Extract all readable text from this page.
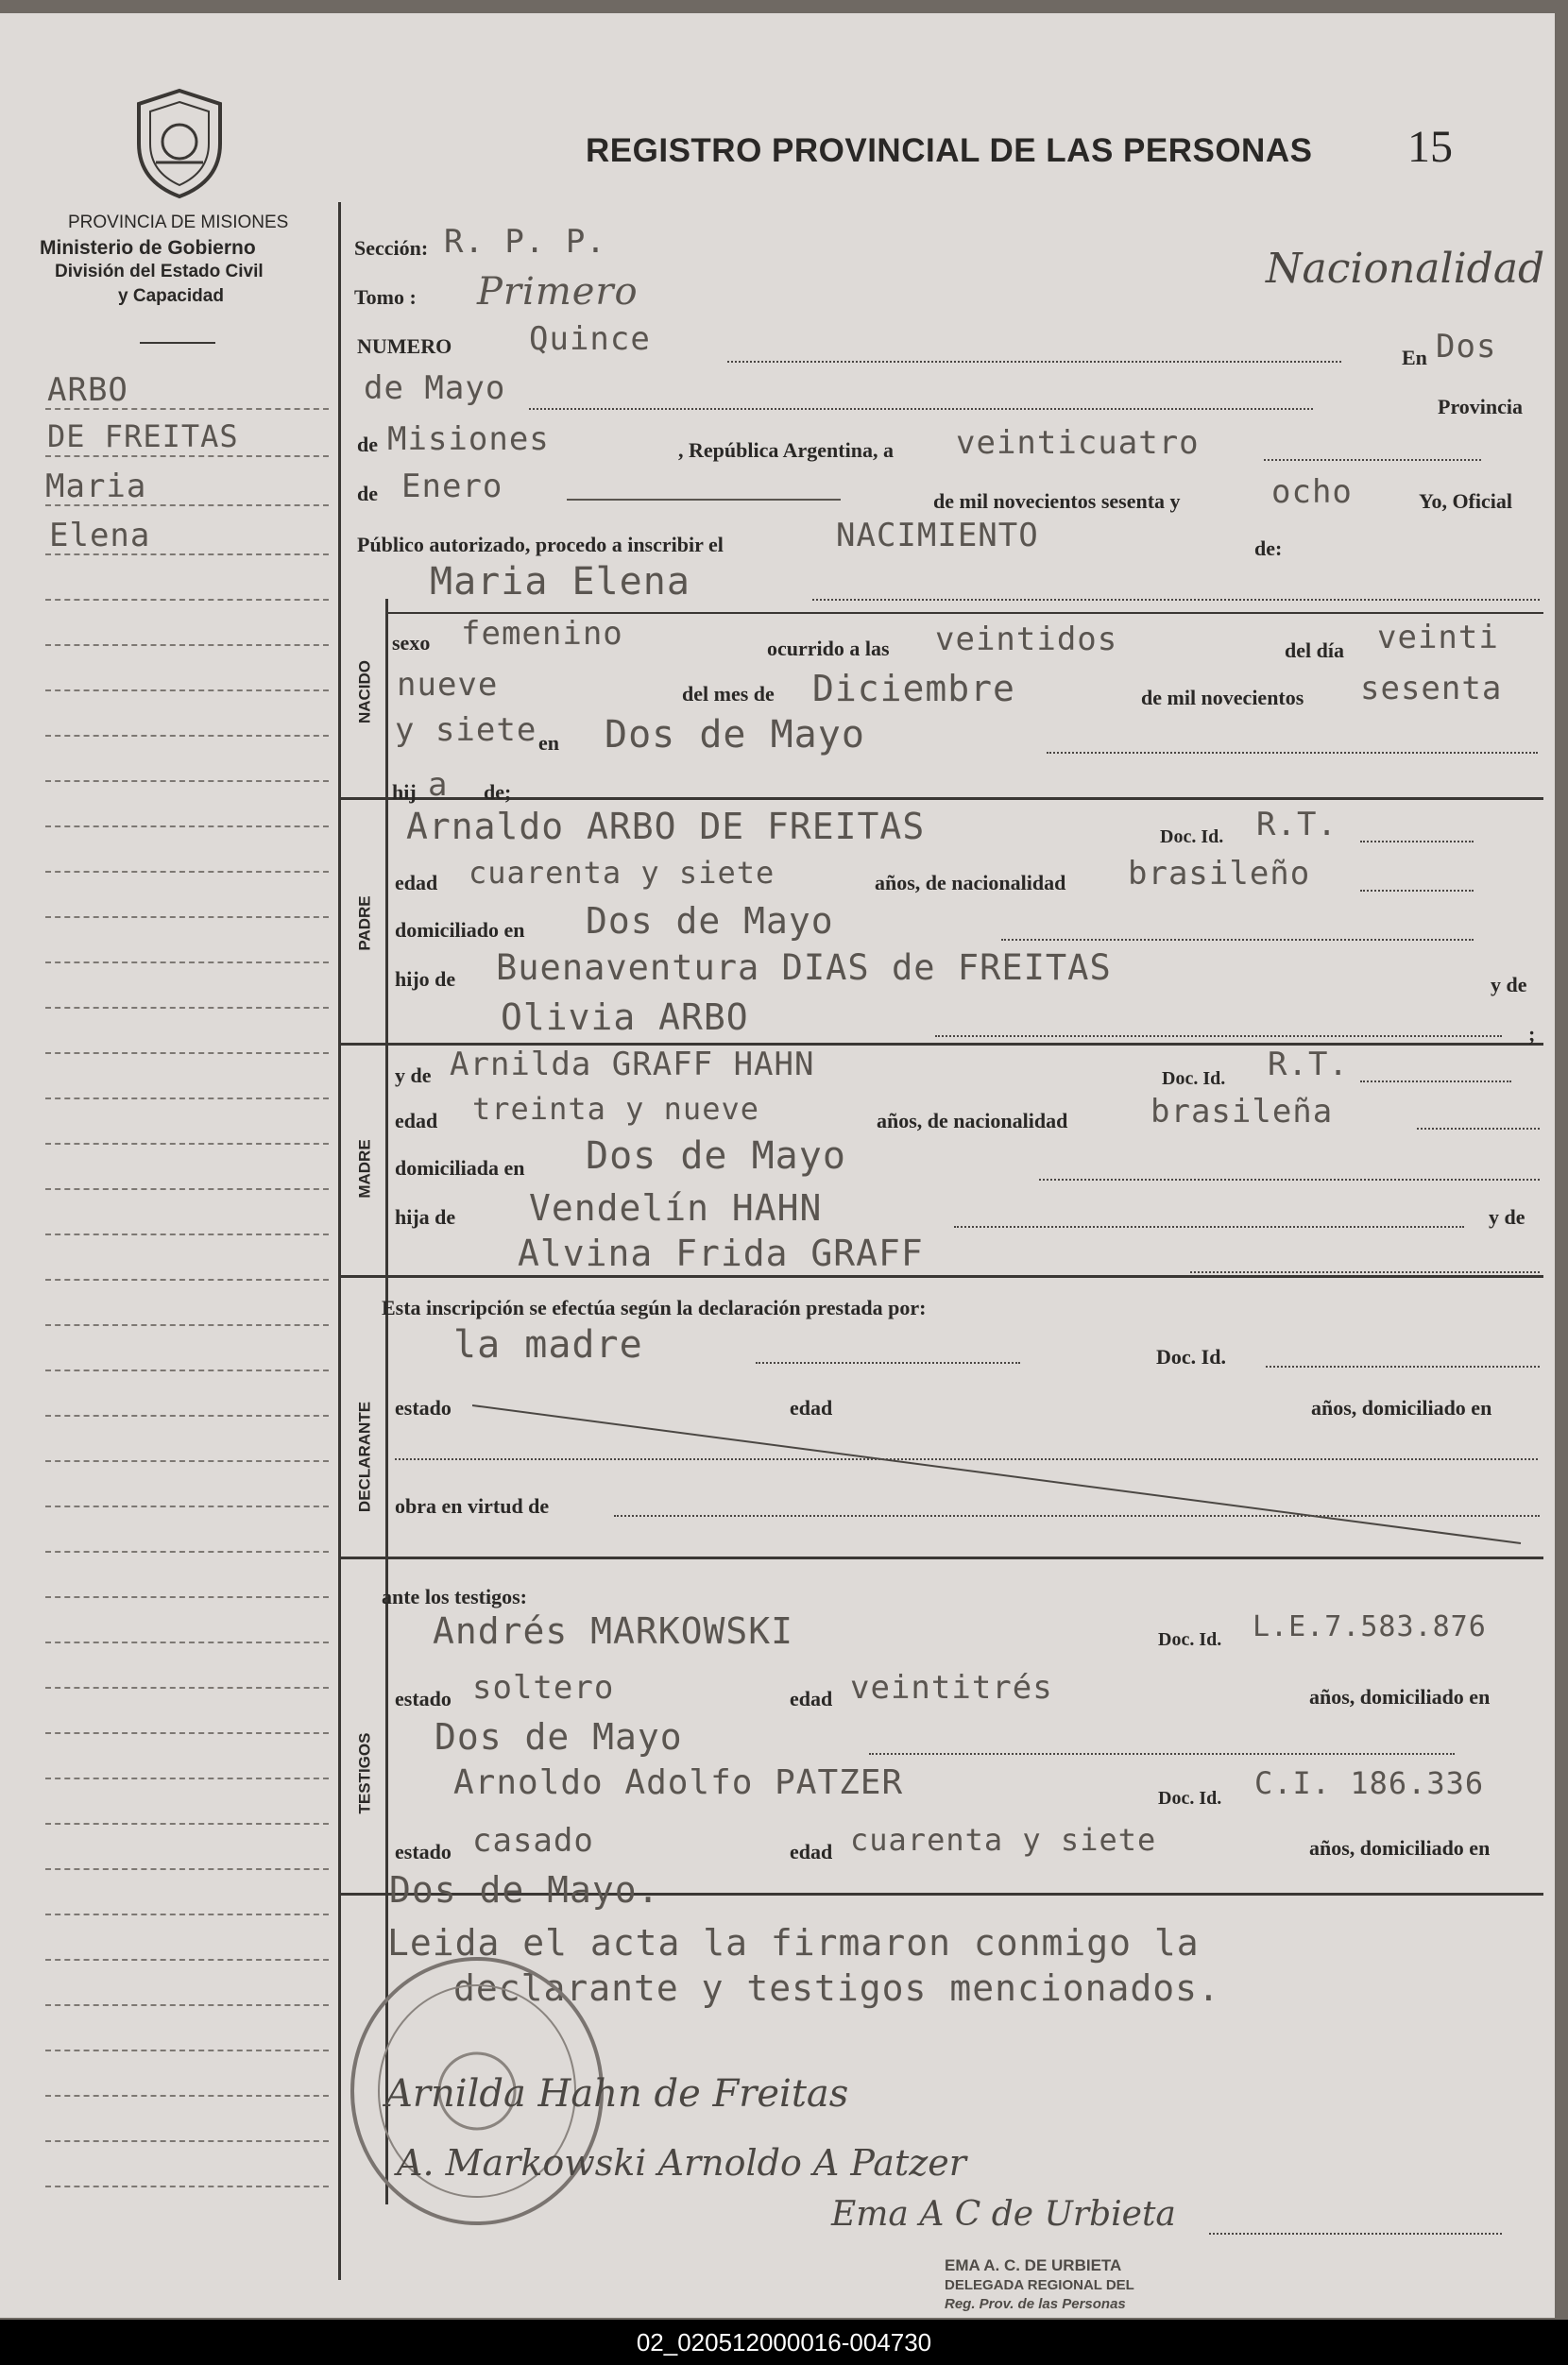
PROVINCIA DE MISIONES
Ministerio de Gobierno
División del Estado Civil
y Capacidad
REGISTRO PROVINCIAL DE LAS PERSONAS 15
Nacionalidad
ARBO
DE FREITAS
Maria
Elena
NACIDO
PADRE
MADRE
DECLARANTE
TESTIGOS
Sección: R. P. P.
Tomo : Primero
NUMERO Quince	En Dos
de Mayo	Provincia
de Misiones	, República Argentina, a veinticuatro
de Enero	de mil novecientos sesenta y	ocho	Yo, Oficial
Público autorizado, procedo a inscribir el	NACIMIENTO	de:
Maria Elena
sexo femenino	ocurrido a las veintidos	del día veinti
nueve	del mes de Diciembre	de mil novecientos sesenta
y siete en Dos de Mayo
hij a de;
Arnaldo ARBO DE FREITAS	Doc. Id. R.T.
edad cuarenta y siete	años, de nacionalidad brasileño
domiciliado en Dos de Mayo
hijo de Buenaventura DIAS de FREITAS	y de
Olivia ARBO	;
y de Arnilda GRAFF HAHN	Doc. Id. R.T.
edad treinta y nueve	años, de nacionalidad	brasileña
domiciliada en Dos de Mayo
hija de Vendelín HAHN	y de
Alvina Frida GRAFF
Esta inscripción se efectúa según la declaración prestada por:
la madre	Doc. Id.
estado	edad	años, domiciliado en
obra en virtud de
ante los testigos:
Andrés MARKOWSKI	Doc. Id. L.E.7.583.876
estado soltero	edad veintitrés	años, domiciliado en
Dos de Mayo
Arnoldo Adolfo PATZER	Doc. Id. C.I. 186.336
estado casado	edad cuarenta y siete	años, domiciliado en
Dos de Mayo.
Leida el acta la firmaron conmigo la
declarante y testigos mencionados.
Arnilda Hahn de Freitas
A. Markowski Arnoldo A Patzer
Ema A C de Urbieta
EMA A. C. DE URBIETA
DELEGADA REGIONAL DEL
Reg. Prov. de las Personas
02_020512000016-004730
